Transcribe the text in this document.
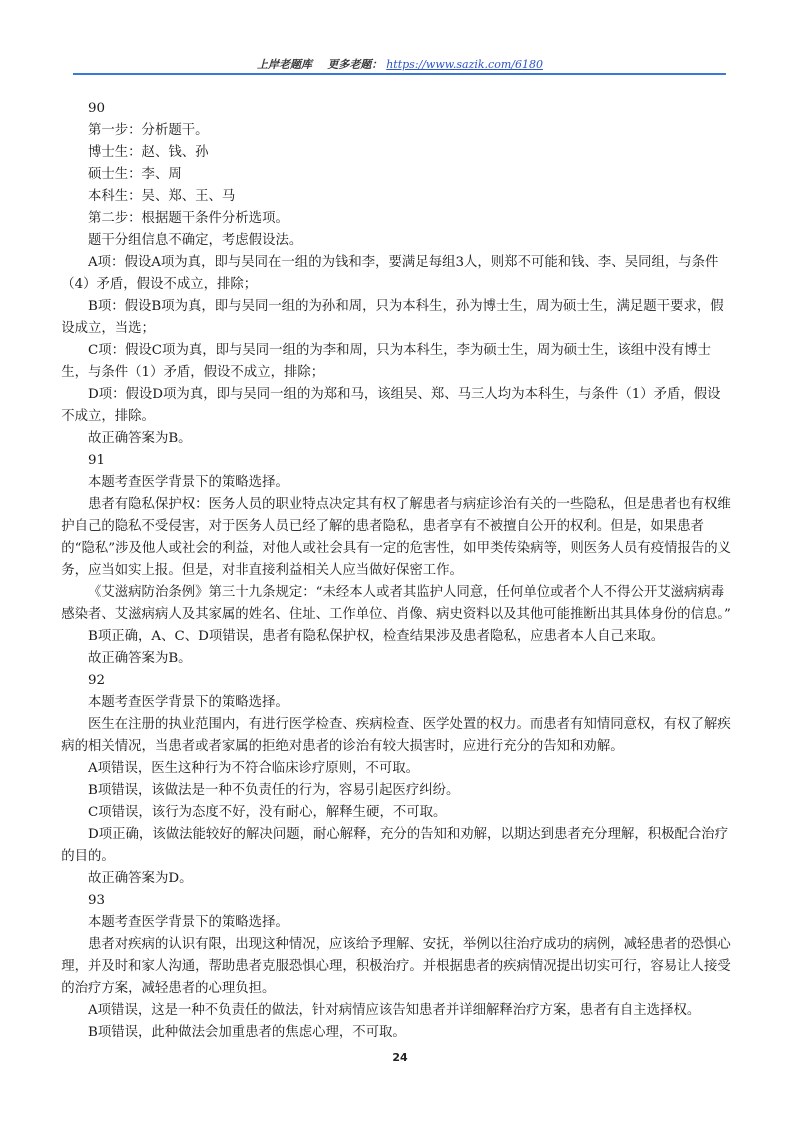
上岸老题库 更多老题： https://www.sazik.com/6180

90

第一步：分析题干。

博士生：赵、钱、孙

硕士生：李、周

本科生：吴、郑、王、马

第二步：根据题干条件分析选项。

题干分组信息不确定，考虑假设法。

A项：假设A项为真，即与吴同在一组的为钱和李，要满足每组3人，则郑不可能和钱、李、吴同组，与条件（4）矛盾，假设不成立，排除；

B项：假设B项为真，即与吴同一组的为孙和周，只为本科生，孙为博士生，周为硕士生，满足题干要求，假设成立，当选；

C项：假设C项为真，即与吴同一组的为李和周，只为本科生，李为硕士生，周为硕士生，该组中没有博士生，与条件（1）矛盾，假设不成立，排除；

D项：假设D项为真，即与吴同一组的为郑和马，该组吴、郑、马三人均为本科生，与条件（1）矛盾，假设不成立，排除。

故正确答案为B。

91

本题考查医学背景下的策略选择。

患者有隐私保护权：医务人员的职业特点决定其有权了解患者与病症诊治有关的一些隐私，但是患者也有权维护自己的隐私不受侵害，对于医务人员已经了解的患者隐私，患者享有不被擅自公开的权利。但是，如果患者的“隐私”涉及他人或社会的利益，对他人或社会具有一定的危害性，如甲类传染病等，则医务人员有疫情报告的义务，应当如实上报。但是，对非直接利益相关人应当做好保密工作。

《艾滋病防治条例》第三十九条规定：“未经本人或者其监护人同意，任何单位或者个人不得公开艾滋病病毒感染者、艾滋病病人及其家属的姓名、住址、工作单位、肖像、病史资料以及其他可能推断出其具体身份的信息。”

B项正确，A、C、D项错误，患者有隐私保护权，检查结果涉及患者隐私，应患者本人自己来取。

故正确答案为B。

92

本题考查医学背景下的策略选择。

医生在注册的执业范围内，有进行医学检查、疾病检查、医学处置的权力。而患者有知情同意权，有权了解疾病的相关情况，当患者或者家属的拒绝对患者的诊治有较大损害时，应进行充分的告知和劝解。

A项错误，医生这种行为不符合临床诊疗原则，不可取。

B项错误，该做法是一种不负责任的行为，容易引起医疗纠纷。

C项错误，该行为态度不好，没有耐心，解释生硬，不可取。

D项正确，该做法能较好的解决问题，耐心解释，充分的告知和劝解，以期达到患者充分理解，积极配合治疗的目的。

故正确答案为D。

93

本题考查医学背景下的策略选择。

患者对疾病的认识有限，出现这种情况，应该给予理解、安抚，举例以往治疗成功的病例，减轻患者的恐惧心理，并及时和家人沟通，帮助患者克服恐惧心理，积极治疗。并根据患者的疾病情况提出切实可行，容易让人接受的治疗方案，减轻患者的心理负担。

A项错误，这是一种不负责任的做法，针对病情应该告知患者并详细解释治疗方案，患者有自主选择权。

B项错误，此种做法会加重患者的焦虑心理，不可取。

24
